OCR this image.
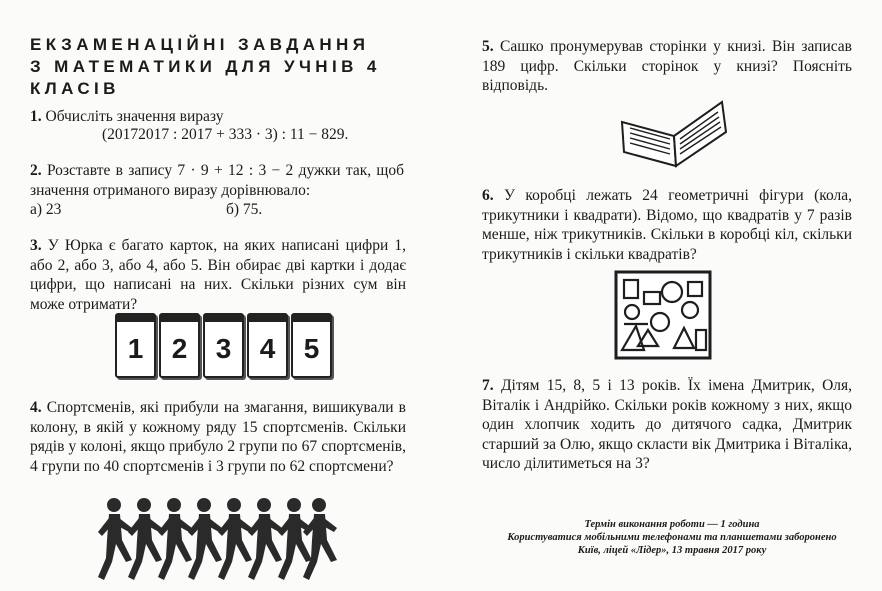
ЕКЗАМЕНАЦІЙНІ ЗАВДАННЯ
З МАТЕМАТИКИ ДЛЯ УЧНІВ 4 КЛАСІВ
1. Обчисліть значення виразу
(20172017 : 2017 + 333 · 3) : 11 − 829.
2. Розставте в запису 7 · 9 + 12 : 3 − 2 дужки так, щоб значення отриманого виразу дорівнювало:
а) 23	б) 75.
3. У Юрка є багато карток, на яких написані цифри 1, або 2, або 3, або 4, або 5. Він обирає дві картки і додає цифри, що написані на них. Скільки різних сум він може отримати?
1	2	3	4	5
4. Спортсменів, які прибули на змагання, вишикували в колону, в якій у кожному ряду 15 спортсменів. Скільки рядів у колоні, якщо прибуло 2 групи по 67 спортсменів, 4 групи по 40 спортсменів і 3 групи по 62 спортсмени?
5. Сашко пронумерував сторінки у книзі. Він записав 189 цифр. Скільки сторінок у книзі? Поясніть відповідь.
6. У коробці лежать 24 геометричні фігури (кола, трикутники і квадрати). Відомо, що квадратів у 7 разів менше, ніж трикутників. Скільки в коробці кіл, скільки трикутників і скільки квадратів?
7. Дітям 15, 8, 5 і 13 років. Їх імена Дмитрик, Оля, Віталік і Андрійко. Скільки років кожному з них, якщо один хлопчик ходить до дитячого садка, Дмитрик старший за Олю, якщо скласти вік Дмитрика і Віталіка, число ділитиметься на 3?
Термін виконання роботи — 1 година
Користуватися мобільними телефонами та планшетами заборонено
Київ, ліцей «Лідер», 13 травня 2017 року
